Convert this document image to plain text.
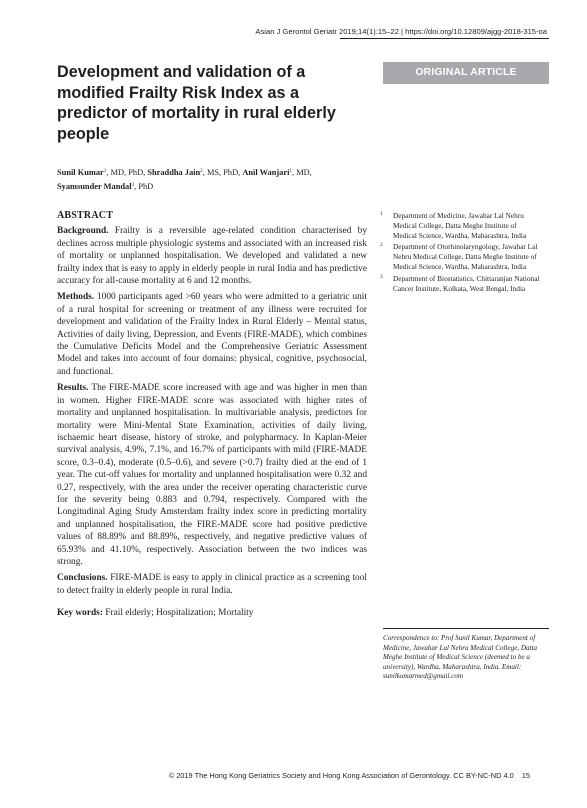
Asian J Gerontol Geriatr 2019;14(1):15–22 | https://doi.org/10.12809/ajgg-2018-315-oa
Development and validation of a modified Frailty Risk Index as a predictor of mortality in rural elderly people
ORIGINAL ARTICLE
Sunil Kumar$^1$, MD, PhD, Shraddha Jain$^2$, MS, PhD, Anil Wanjari$^1$, MD,
Syamsunder Mandal$^3$, PhD
ABSTRACT

Background. Frailty is a reversible age-related condition characterised by declines across multiple physiologic systems and associated with an increased risk of mortality or unplanned hospitalisation. We developed and validated a new frailty index that is easy to apply in elderly people in rural India and has predictive accuracy for all-cause mortality at 6 and 12 months.

Methods. 1000 participants aged >60 years who were admitted to a geriatric unit of a rural hospital for screening or treatment of any illness were recruited for development and validation of the Frailty Index in Rural Elderly – Mental status, Activities of daily living, Depression, and Events (FIRE-MADE), which combines the Cumulative Deficits Model and the Comprehensive Geriatric Assessment Model and takes into account of four domains: physical, cognitive, psychosocial, and functional.

Results. The FIRE-MADE score increased with age and was higher in men than in women. Higher FIRE-MADE score was associated with higher rates of mortality and unplanned hospitalisation. In multivariable analysis, predictors for mortality were Mini-Mental State Examination, activities of daily living, ischaemic heart disease, history of stroke, and polypharmacy. In Kaplan-Meier survival analysis, 4.9%, 7.1%, and 16.7% of participants with mild (FIRE-MADE score, 0.3–0.4), moderate (0.5–0.6), and severe (>0.7) frailty died at the end of 1 year. The cut-off values for mortality and unplanned hospitalisation were 0.32 and 0.27, respectively, with the area under the receiver operating characteristic curve for the severity being 0.883 and 0.794, respectively. Compared with the Longitudinal Aging Study Amsterdam frailty index score in predicting mortality and unplanned hospitalisation, the FIRE-MADE score had positive predictive values of 88.89% and 88.89%, respectively, and negative predictive values of 65.93% and 41.10%, respectively. Association between the two indices was strong.

Conclusions. FIRE-MADE is easy to apply in clinical practice as a screening tool to detect frailty in elderly people in rural India.

Key words: Frail elderly; Hospitalization; Mortality

1 Department of Medicine, Jawahar Lal Nehru Medical College, Datta Meghe Institute of Medical Science, Wardha, Maharashtra, India
2 Department of Otorhinolaryngology, Jawahar Lal Nehru Medical College, Datta Meghe Institute of Medical Science, Wardha, Maharashtra, India
3 Department of Biostatistics, Chittaranjan National Cancer Institute, Kolkata, West Bengal, India
Correspondence to: Prof Sunil Kumar, Department of Medicine, Jawahar Lal Nehru Medical College, Datta Meghe Institute of Medical Science (deemed to be a university), Wardha, Maharashtra, India. Email: sunilkumarmed@gmail.com
© 2019 The Hong Kong Geriatrics Society and Hong Kong Association of Gerontology. CC BY-NC-ND 4.0 15
